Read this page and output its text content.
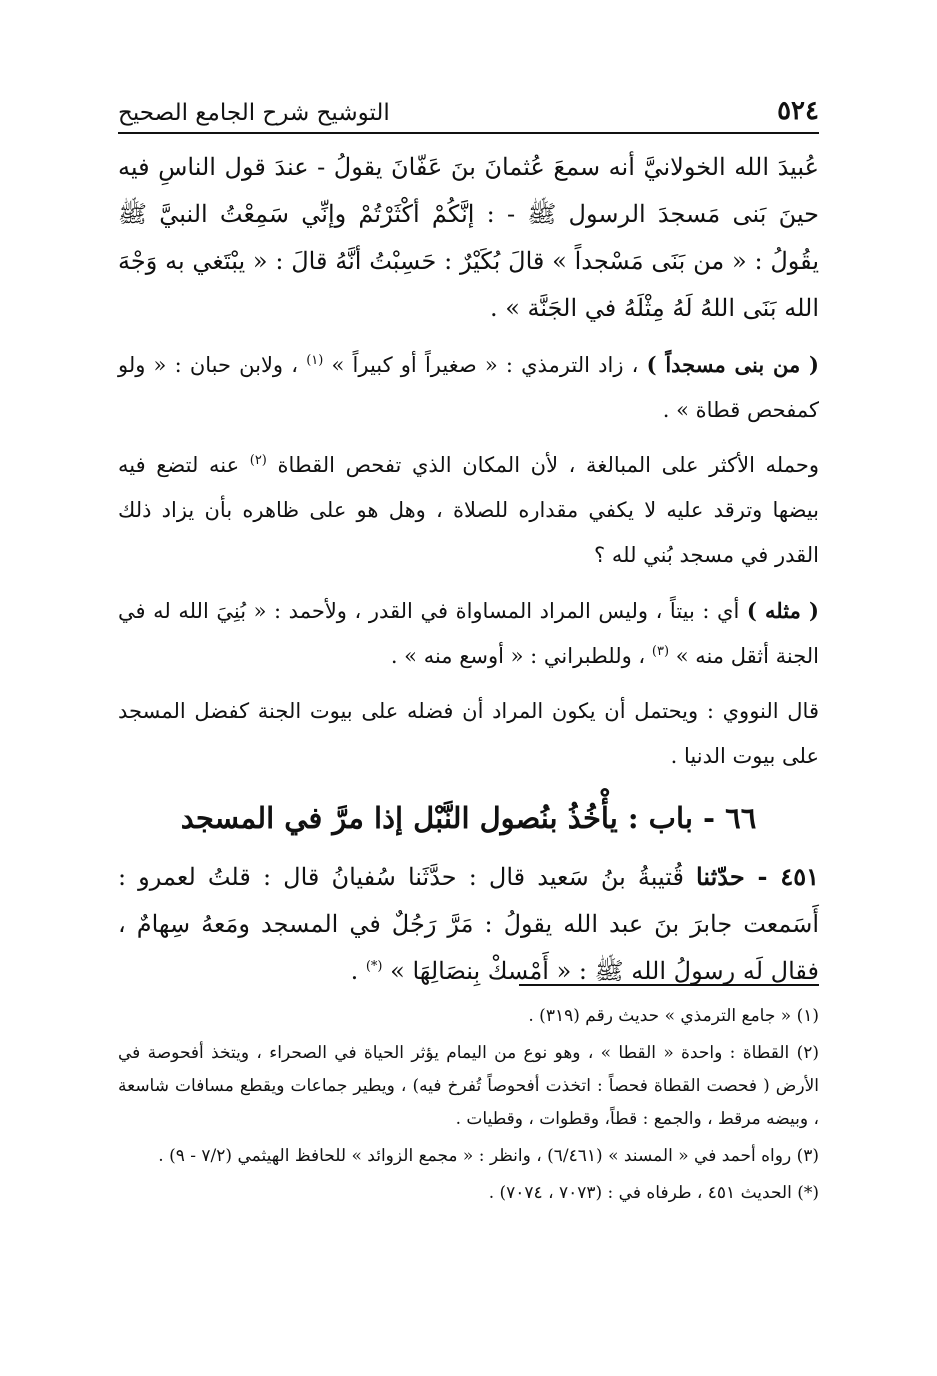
٥٢٤
التوشيح شرح الجامع الصحيح

عُبيدَ الله الخولانيَّ أنه سمعَ عُثمانَ بنَ عَفّانَ يقولُ - عندَ قول الناسِ فيه حينَ بَنى مَسجدَ الرسول ﷺ - : إنَّكُمْ أكْثَرْتُمْ وإنِّي سَمِعْتُ النبيَّ ﷺ يقُولُ : « من بَنَى مَسْجداً » قالَ بُكَيْرٌ : حَسِبْتُ أنَّهُ قالَ : « يبْتَغي به وَجْهَ الله بَنَى اللهُ لَهُ مِثْلَهُ في الجَنَّة » .

( من بنى مسجداً ) ، زاد الترمذي : « صغيراً أو كبيراً » $^{(١)}$ ، ولابن حبان : « ولو كمفحص قطاة » .

وحمله الأكثر على المبالغة ، لأن المكان الذي تفحص القطاة $^{(٢)}$ عنه لتضع فيه بيضها وترقد عليه لا يكفي مقداره للصلاة ، وهل هو على ظاهره بأن يزاد ذلك القدر في مسجد بُني لله ؟

( مثله ) أي : بيتاً ، وليس المراد المساواة في القدر ، ولأحمد : « بُنِيَ الله له في الجنة أثقل منه » $^{(٣)}$ ، وللطبراني : « أوسع منه » .

قال النووي : ويحتمل أن يكون المراد أن فضله على بيوت الجنة كفضل المسجد على بيوت الدنيا .

٦٦ - باب : يأْخُذُ بنُصول النَّبْل إذا مرَّ في المسجد

٤٥١ - حدّثنا قُتيبةُ بنُ سَعيد قال : حدَّثَنا سُفيانُ قال : قلتُ لعمرو : أَسَمعت جابرَ بنَ عبد الله يقولُ : مَرَّ رَجُلٌ في المسجد ومَعهُ سِهامٌ ، فقال لَه رسولُ الله ﷺ : « أَمْسكْ بِنصَالِهَا » (*) .

(١) « جامع الترمذي » حديث رقم (٣١٩) .

(٢) القطاة : واحدة « القطا » ، وهو نوع من اليمام يؤثر الحياة في الصحراء ، ويتخذ أفحوصة في الأرض ( فحصت القطاة فحصاً : اتخذت أفحوصاً تُفرخ فيه) ، ويطير جماعات ويقطع مسافات شاسعة ، وبيضه مرقط ، والجمع : قطاً، وقطوات ، وقطيات .

(٣) رواه أحمد في « المسند » (٦/٤٦١) ، وانظر : « مجمع الزوائد » للحافظ الهيثمي (٧/٢ - ٩) .

(*) الحديث ٤٥١ ، طرفاه في : (٧٠٧٣ ، ٧٠٧٤) .
